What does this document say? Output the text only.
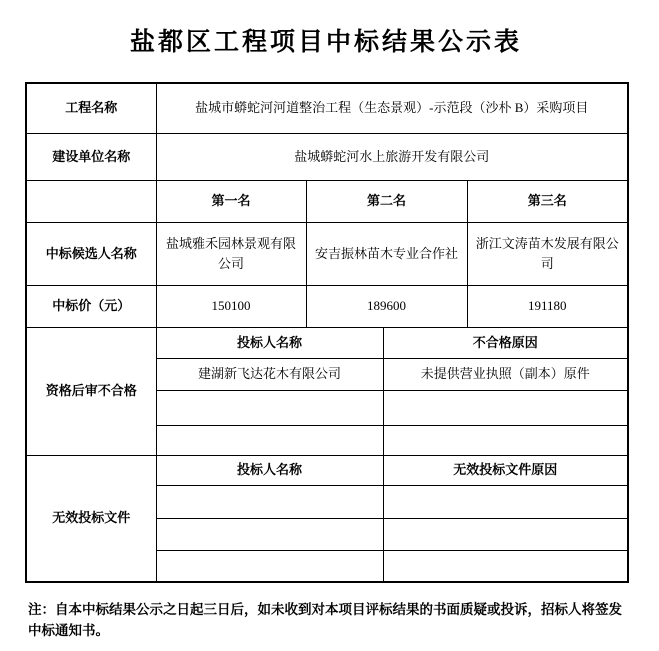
盐都区工程项目中标结果公示表
工程名称	盐城市蟒蛇河河道整治工程（生态景观）-示范段（沙朴 B）采购项目			
建设单位名称	盐城蟒蛇河水上旅游开发有限公司			
	第一名	第二名		第三名
中标候选人名称	盐城雅禾园林景观有限公司	安吉振林苗木专业合作社		浙江文涛苗木发展有限公司
中标价（元）	150100	189600		191180
资格后审不合格	投标人名称		不合格原因	
	建湖新飞达花木有限公司		未提供营业执照（副本）原件	

无效投标文件	投标人名称		无效投标文件原因	

注：自本中标结果公示之日起三日后，如未收到对本项目评标结果的书面质疑或投诉，招标人将签发中标通知书。
